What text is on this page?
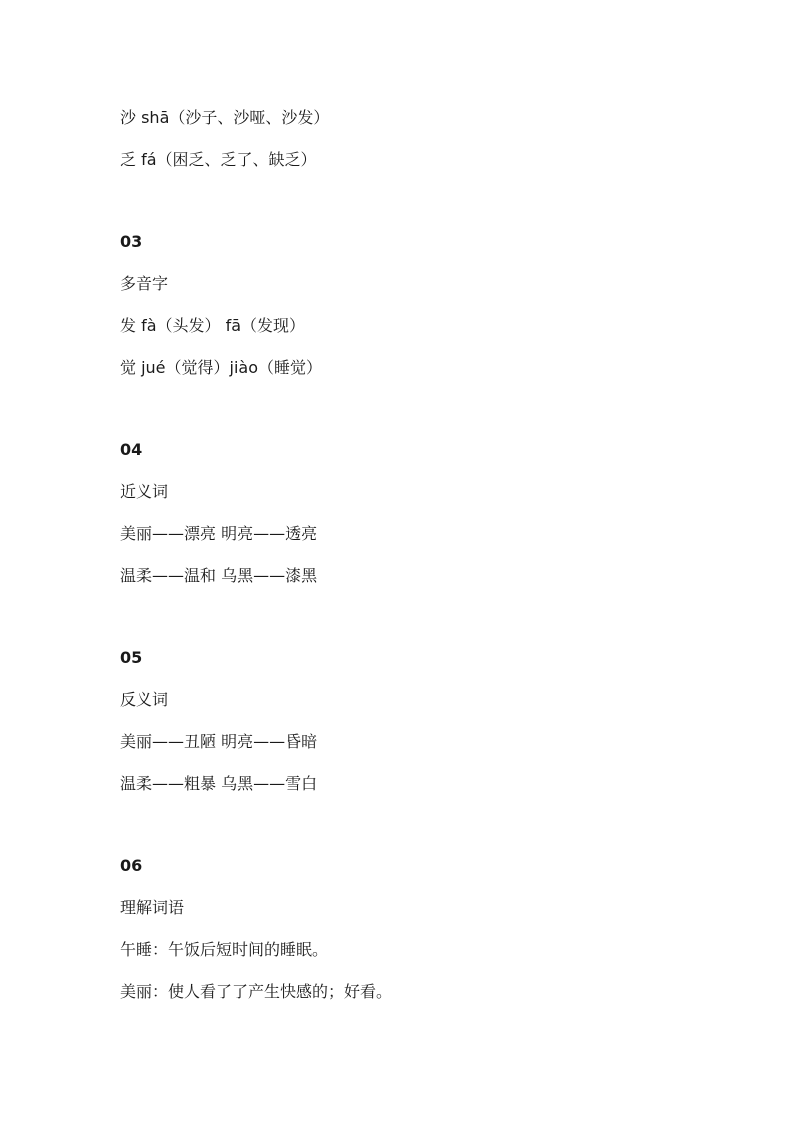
沙 shā（沙子、沙哑、沙发）
乏 fá（困乏、乏了、缺乏）
03
多音字
发 fà（头发） fā（发现）
觉 jué（觉得）jiào（睡觉）
04
近义词
美丽——漂亮 明亮——透亮
温柔——温和 乌黑——漆黑
05
反义词
美丽——丑陋 明亮——昏暗
温柔——粗暴 乌黑——雪白
06
理解词语
午睡：午饭后短时间的睡眠。
美丽：使人看了了产生快感的；好看。
